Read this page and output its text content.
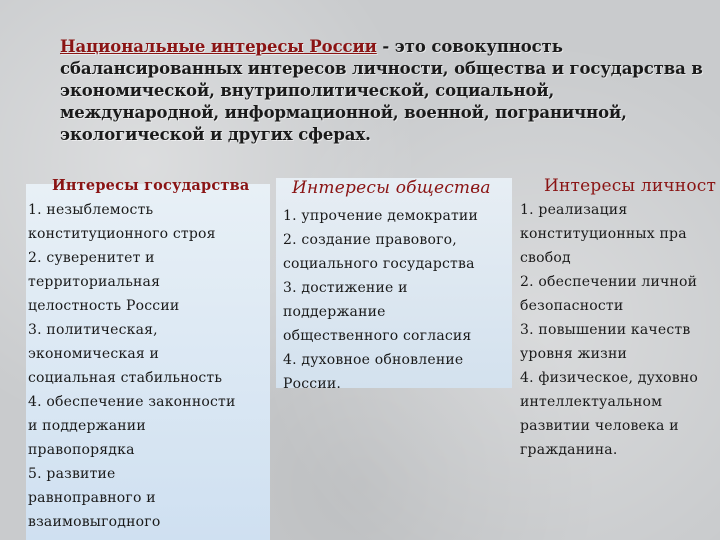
Национальные интересы России - это совокупность
сбалансированных интересов личности, общества и государства в
экономической, внутриполитической, социальной,
международной, информационной, военной, пограничной,
экологической и других сферах.
Интересы государства
1. незыблемость
конституционного строя
2. суверенитет и
территориальная
целостность России
3. политическая,
экономическая и
социальная стабильность
4. обеспечение законности
и поддержании
правопорядка
5. развитие
равноправного и
взаимовыгодного
Интересы общества
1. упрочение демократии
2. создание правового,
социального государства
3. достижение и
поддержание
общественного согласия
4. духовное обновление
России.
Интересы личност
1. реализация
конституционных пра
свобод
2. обеспечении личной
безопасности
3. повышении качеств
уровня жизни
4. физическое, духовно
интеллектуальном
развитии человека и
гражданина.
